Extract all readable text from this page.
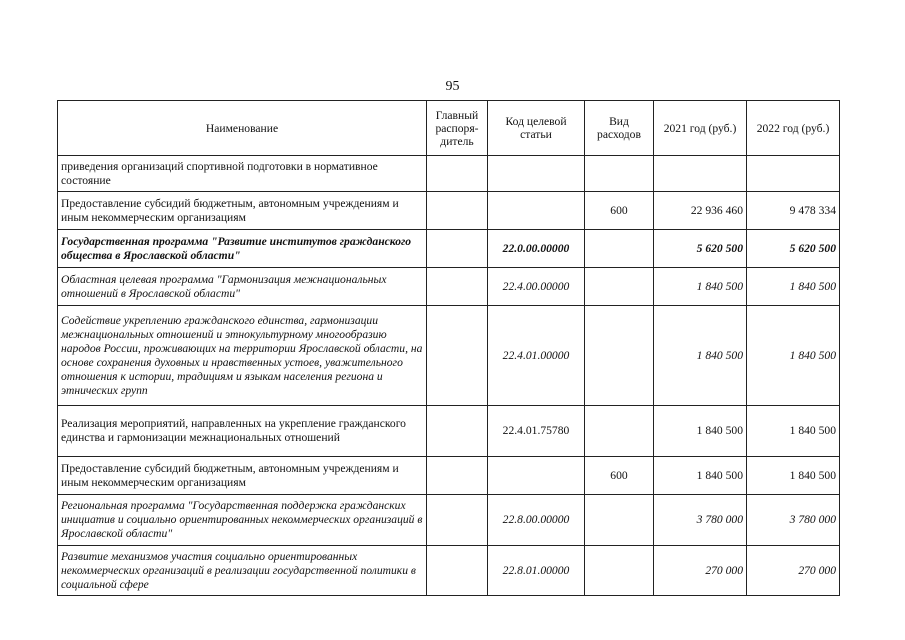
95
Наименование	Главный распоря-дитель	Код целевой статьи	Вид расходов	2021 год (руб.)	2022 год (руб.)
приведения организаций спортивной подготовки в нормативное состояние					
Предоставление субсидий бюджетным, автономным учреждениям и иным некоммерческим организациям			600	22 936 460	9 478 334
Государственная программа "Развитие институтов гражданского общества в Ярославской области"		22.0.00.00000		5 620 500	5 620 500
Областная целевая программа "Гармонизация межнациональных отношений в Ярославской области"		22.4.00.00000		1 840 500	1 840 500
Содействие укреплению гражданского единства, гармонизации межнациональных отношений и этнокультурному многообразию народов России, проживающих на территории Ярославской области, на основе сохранения духовных и нравственных устоев, уважительного отношения к истории, традициям и языкам населения региона и этнических групп		22.4.01.00000		1 840 500	1 840 500
Реализация мероприятий, направленных на укрепление гражданского единства и гармонизации межнациональных отношений		22.4.01.75780		1 840 500	1 840 500
Предоставление субсидий бюджетным, автономным учреждениям и иным некоммерческим организациям			600	1 840 500	1 840 500
Региональная программа "Государственная поддержка гражданских инициатив и социально ориентированных некоммерческих организаций в Ярославской области"		22.8.00.00000		3 780 000	3 780 000
Развитие механизмов участия социально ориентированных некоммерческих организаций в реализации государственной политики в социальной сфере		22.8.01.00000		270 000	270 000
